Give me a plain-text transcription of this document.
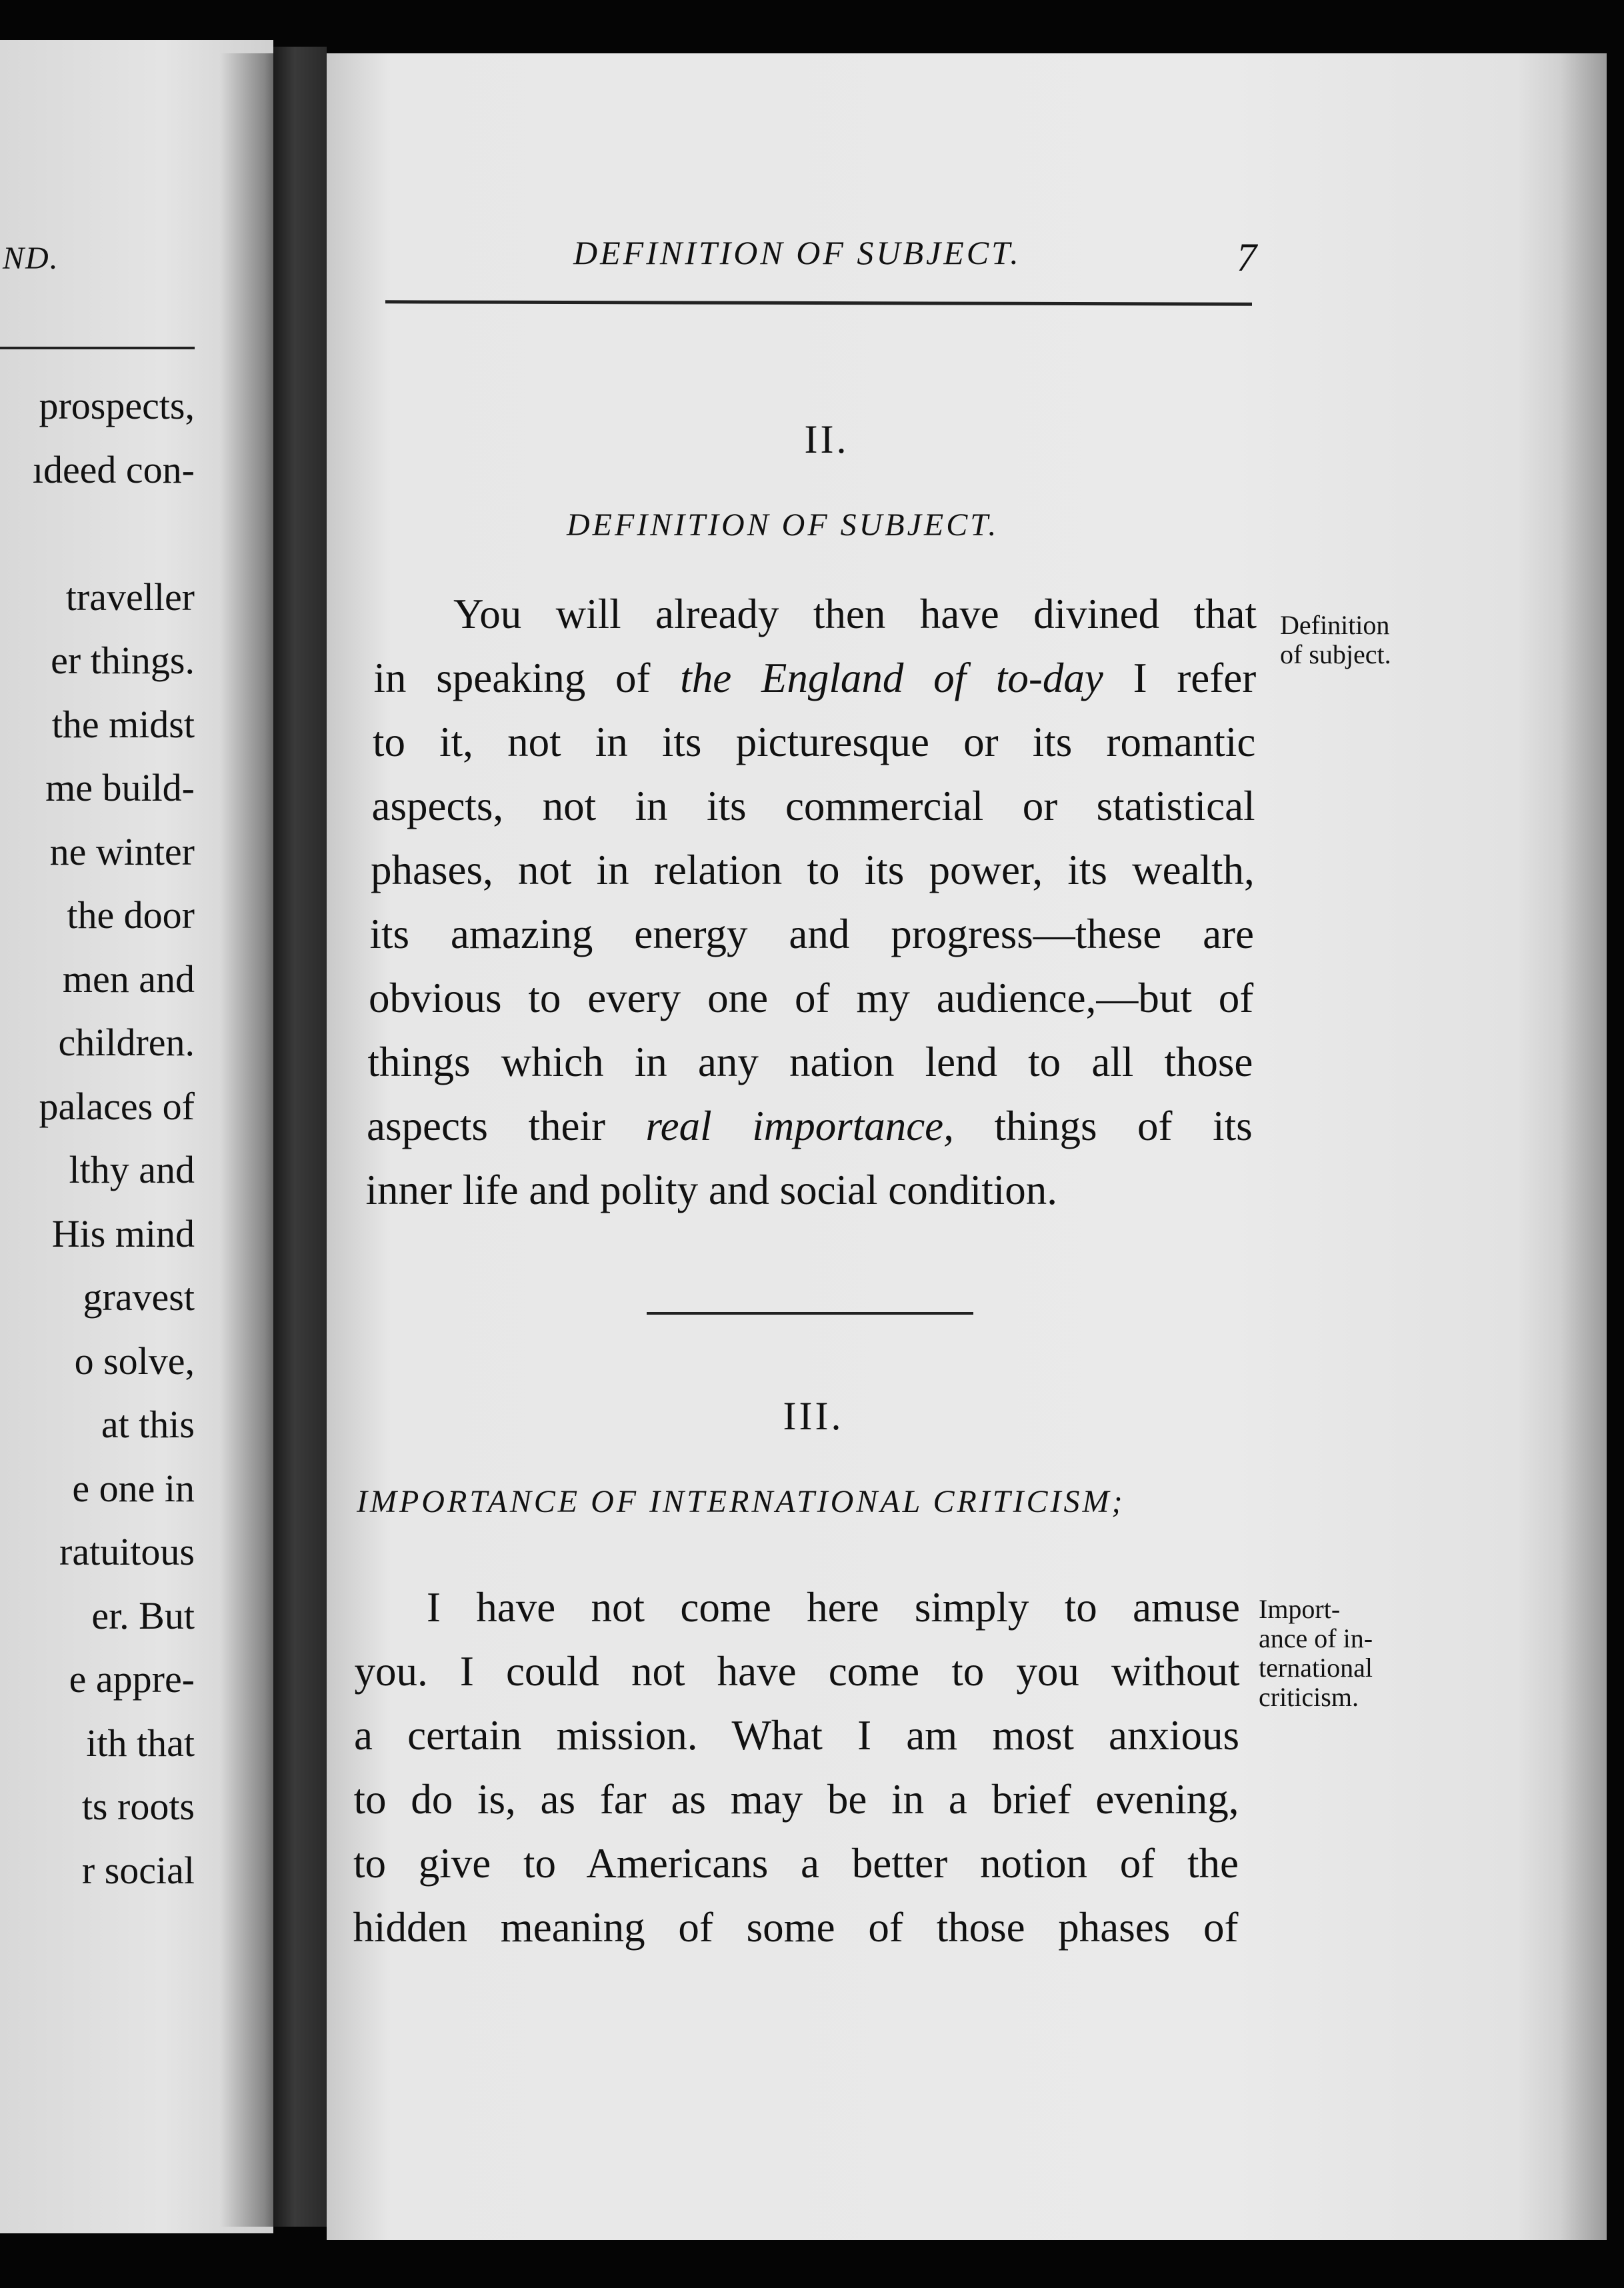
ND.
prospects,
ıdeed con-
traveller
er things.
the midst
me build-
ne winter
the door
men and
children.
palaces of
lthy and
His mind
gravest
o solve,
at this
e one in
ratuitous
er. But
e appre-
ith that
ts roots
r social
DEFINITION OF SUBJECT.	7
II.
DEFINITION OF SUBJECT.
You will already then have divined that
in speaking of the England of to-day I refer
to it, not in its picturesque or its romantic
aspects, not in its commercial or statistical
phases, not in relation to its power, its wealth,
its amazing energy and progress—these are
obvious to every one of my audience,—but of
things which in any nation lend to all those
aspects their real importance, things of its
inner life and polity and social condition.
Definition
of subject.
III.
IMPORTANCE OF INTERNATIONAL CRITICISM;
I have not come here simply to amuse
you. I could not have come to you without
a certain mission. What I am most anxious
to do is, as far as may be in a brief evening,
to give to Americans a better notion of the
hidden meaning of some of those phases of
Import-
ance of in-
ternational
criticism.
